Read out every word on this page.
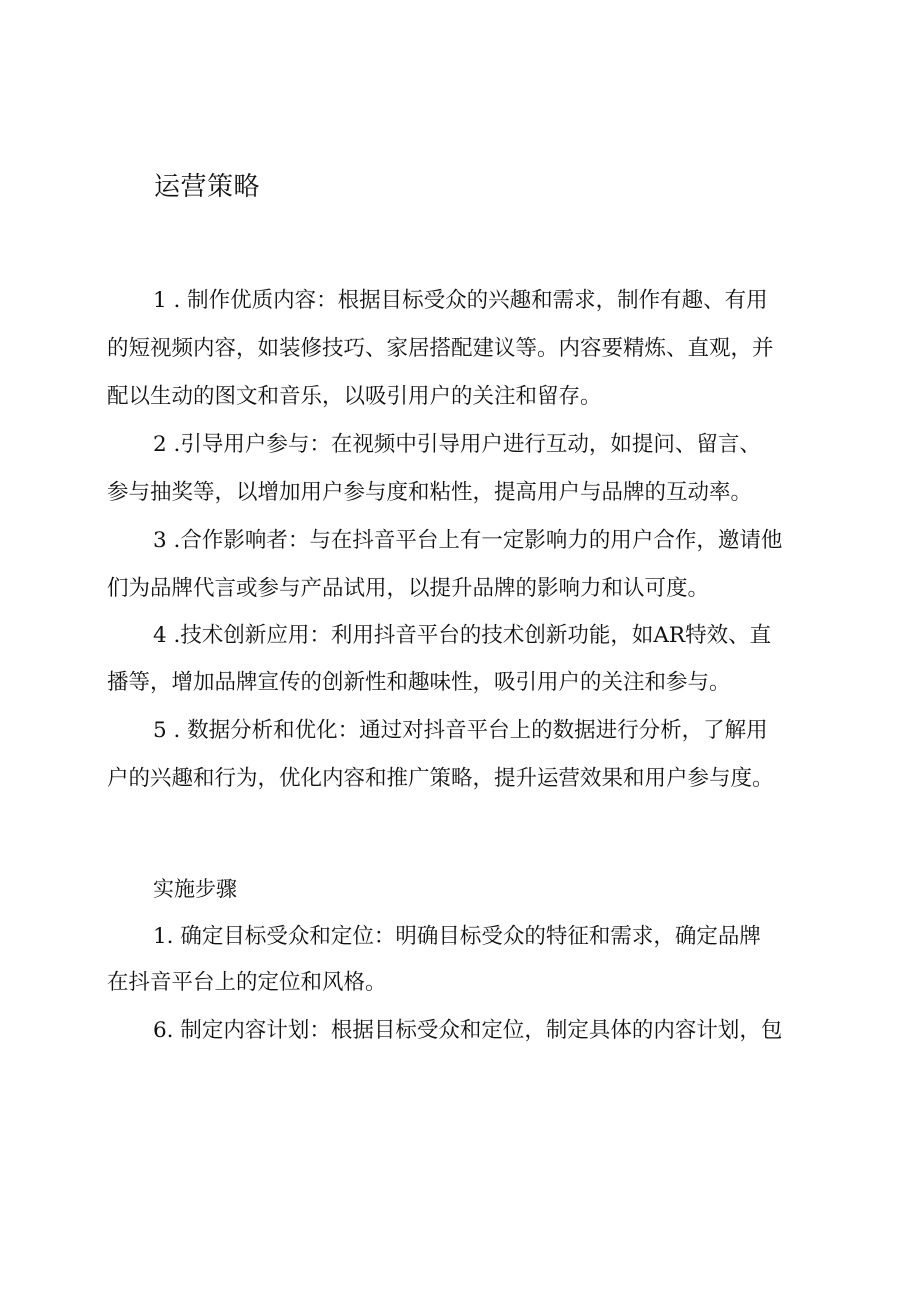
运营策略

1 . 制作优质内容：根据目标受众的兴趣和需求，制作有趣、有用

的短视频内容，如装修技巧、家居搭配建议等。内容要精炼、直观，并

配以生动的图文和音乐，以吸引用户的关注和留存。

2 .引导用户参与：在视频中引导用户进行互动，如提问、留言、

参与抽奖等，以增加用户参与度和粘性，提高用户与品牌的互动率。

3 .合作影响者：与在抖音平台上有一定影响力的用户合作，邀请他

们为品牌代言或参与产品试用，以提升品牌的影响力和认可度。

4 .技术创新应用：利用抖音平台的技术创新功能，如AR特效、直

播等，增加品牌宣传的创新性和趣味性，吸引用户的关注和参与。

5 . 数据分析和优化：通过对抖音平台上的数据进行分析，了解用

户的兴趣和行为，优化内容和推广策略，提升运营效果和用户参与度。

实施步骤

1. 确定目标受众和定位：明确目标受众的特征和需求，确定品牌

在抖音平台上的定位和风格。

6. 制定内容计划：根据目标受众和定位，制定具体的内容计划，包
